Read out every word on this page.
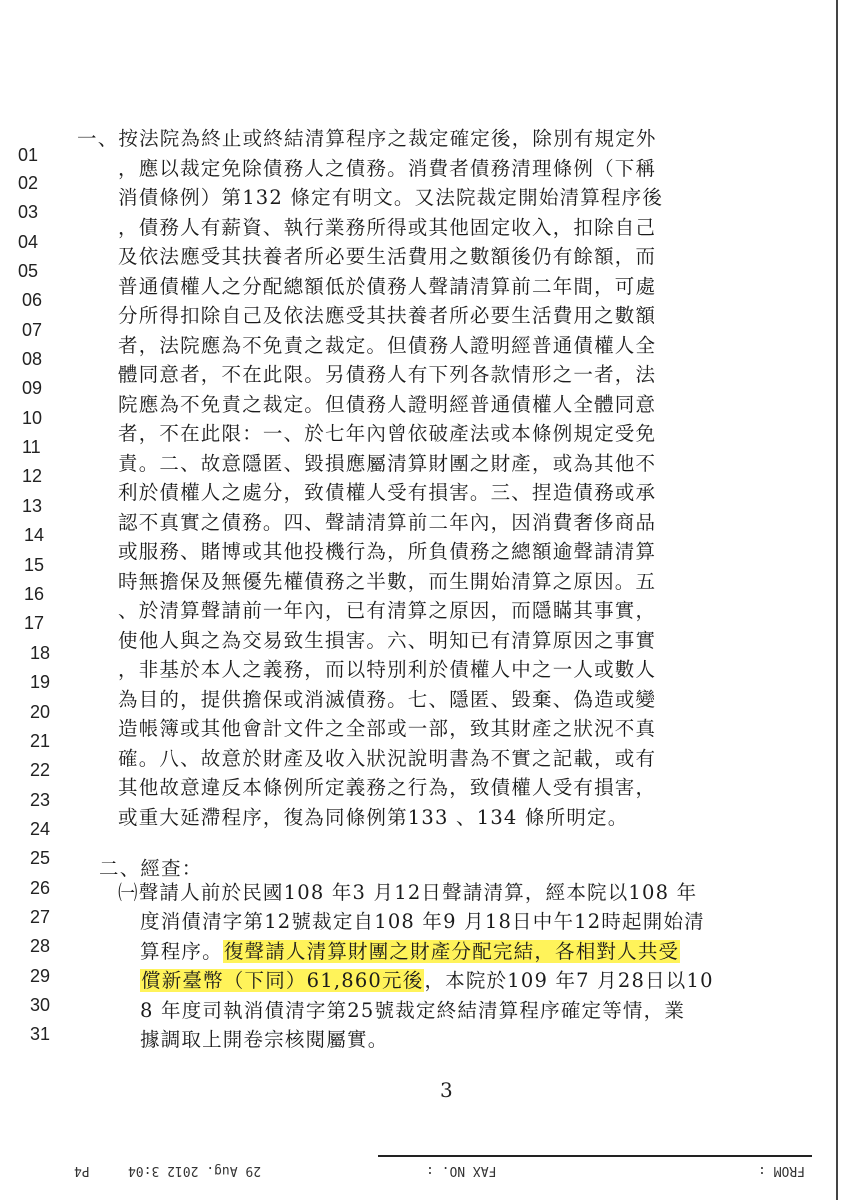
01
02
03
04
05
06
07
08
09
10
11
12
13
14
15
16
17
18
19
20
21
22
23
24
25
26
27
28
29
30
31
一、按法院為終止或終結清算程序之裁定確定後，除別有規定外
，應以裁定免除債務人之債務。消費者債務清理條例（下稱
消債條例）第132 條定有明文。又法院裁定開始清算程序後
，債務人有薪資、執行業務所得或其他固定收入，扣除自己
及依法應受其扶養者所必要生活費用之數額後仍有餘額，而
普通債權人之分配總額低於債務人聲請清算前二年間，可處
分所得扣除自己及依法應受其扶養者所必要生活費用之數額
者，法院應為不免責之裁定。但債務人證明經普通債權人全
體同意者，不在此限。另債務人有下列各款情形之一者，法
院應為不免責之裁定。但債務人證明經普通債權人全體同意
者，不在此限：一、於七年內曾依破產法或本條例規定受免
責。二、故意隱匿、毀損應屬清算財團之財產，或為其他不
利於債權人之處分，致債權人受有損害。三、捏造債務或承
認不真實之債務。四、聲請清算前二年內，因消費奢侈商品
或服務、賭博或其他投機行為，所負債務之總額逾聲請清算
時無擔保及無優先權債務之半數，而生開始清算之原因。五
、於清算聲請前一年內，已有清算之原因，而隱瞞其事實，
使他人與之為交易致生損害。六、明知已有清算原因之事實
，非基於本人之義務，而以特別利於債權人中之一人或數人
為目的，提供擔保或消滅債務。七、隱匿、毀棄、偽造或變
造帳簿或其他會計文件之全部或一部，致其財產之狀況不真
確。八、故意於財產及收入狀況說明書為不實之記載，或有
其他故意違反本條例所定義務之行為，致債權人受有損害，
或重大延滯程序，復為同條例第133 、134 條所明定。
二、經查：
㈠聲請人前於民國108 年3 月12日聲請清算，經本院以108 年
度消債清字第12號裁定自108 年9 月18日中午12時起開始清
算程序。復聲請人清算財團之財產分配完結，各相對人共受
償新臺幣（下同）61,860元後，本院於109 年7 月28日以10
8 年度司執消債清字第25號裁定終結清算程序確定等情，業
據調取上開卷宗核閱屬實。
3
P4	29 Aug. 2012 3:04	FAX NO. :	FROM :
